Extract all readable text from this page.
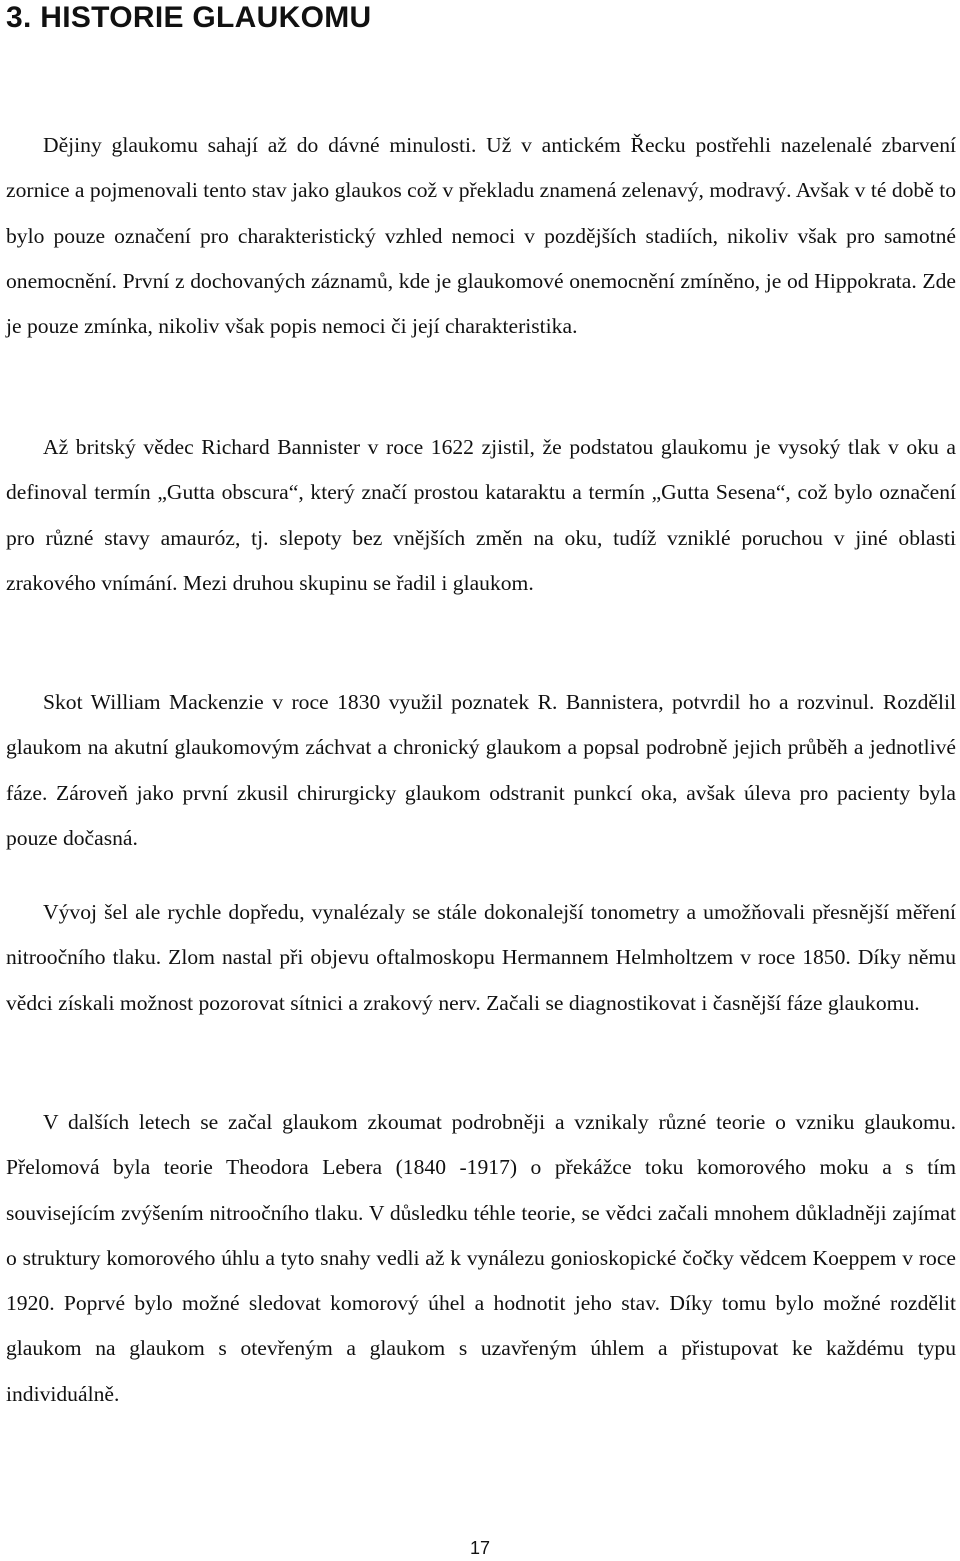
3. HISTORIE GLAUKOMU

Dějiny glaukomu sahají až do dávné minulosti. Už v antickém Řecku postřehli nazelenalé zbarvení zornice a pojmenovali tento stav jako glaukos což v překladu znamená zelenavý, modravý. Avšak v té době to bylo pouze označení pro charakteristický vzhled nemoci v pozdějších stadiích, nikoliv však pro samotné onemocnění. První z dochovaných záznamů, kde je glaukomové onemocnění zmíněno, je od Hippokrata. Zde je pouze zmínka, nikoliv však popis nemoci či její charakteristika.

Až britský vědec Richard Bannister v roce 1622 zjistil, že podstatou glaukomu je vysoký tlak v oku a definoval termín „Gutta obscura“, který značí prostou kataraktu a termín „Gutta Sesena“, což bylo označení pro různé stavy amauróz, tj. slepoty bez vnějších změn na oku, tudíž vzniklé poruchou v jiné oblasti zrakového vnímání. Mezi druhou skupinu se řadil i glaukom.

Skot William Mackenzie v roce 1830 využil poznatek R. Bannistera, potvrdil ho a rozvinul. Rozdělil glaukom na akutní glaukomovým záchvat a chronický glaukom a popsal podrobně jejich průběh a jednotlivé fáze. Zároveň jako první zkusil chirurgicky glaukom odstranit punkcí oka, avšak úleva pro pacienty byla pouze dočasná.

Vývoj šel ale rychle dopředu, vynalézaly se stále dokonalejší tonometry a umožňovali přesnější měření nitroočního tlaku. Zlom nastal při objevu oftalmoskopu Hermannem Helmholtzem v roce 1850. Díky němu vědci získali možnost pozorovat sítnici a zrakový nerv. Začali se diagnostikovat i časnější fáze glaukomu.

V dalších letech se začal glaukom zkoumat podrobněji a vznikaly různé teorie o vzniku glaukomu. Přelomová byla teorie Theodora Lebera (1840 -1917) o překážce toku komorového moku a s tím souvisejícím zvýšením nitroočního tlaku. V důsledku téhle teorie, se vědci začali mnohem důkladněji zajímat o struktury komorového úhlu a tyto snahy vedli až k vynálezu gonioskopické čočky vědcem Koeppem v roce 1920. Poprvé bylo možné sledovat komorový úhel a hodnotit jeho stav. Díky tomu bylo možné rozdělit glaukom na glaukom s otevřeným a glaukom s uzavřeným úhlem a přistupovat ke každému typu individuálně.

17
